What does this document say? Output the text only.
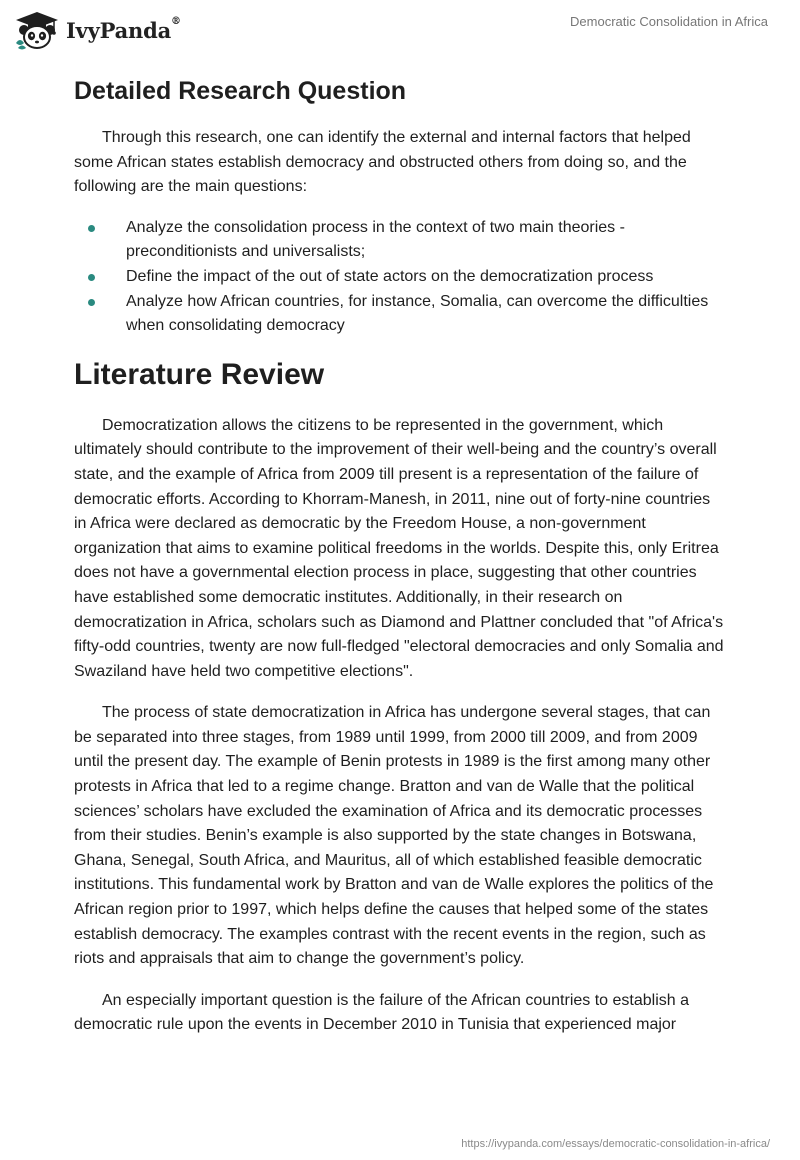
IvyPanda®	Democratic Consolidation in Africa
Detailed Research Question

Through this research, one can identify the external and internal factors that helped some African states establish democracy and obstructed others from doing so, and the following are the main questions:

Analyze the consolidation process in the context of two main theories - preconditionists and universalists;
Define the impact of the out of state actors on the democratization process
Analyze how African countries, for instance, Somalia, can overcome the difficulties when consolidating democracy
Literature Review

Democratization allows the citizens to be represented in the government, which ultimately should contribute to the improvement of their well-being and the country’s overall state, and the example of Africa from 2009 till present is a representation of the failure of democratic efforts. According to Khorram-Manesh, in 2011, nine out of forty-nine countries in Africa were declared as democratic by the Freedom House, a non-government organization that aims to examine political freedoms in the worlds. Despite this, only Eritrea does not have a governmental election process in place, suggesting that other countries have established some democratic institutes. Additionally, in their research on democratization in Africa, scholars such as Diamond and Plattner concluded that "of Africa's fifty-odd countries, twenty are now full-fledged "electoral democracies and only Somalia and Swaziland have held two competitive elections".

The process of state democratization in Africa has undergone several stages, that can be separated into three stages, from 1989 until 1999, from 2000 till 2009, and from 2009 until the present day. The example of Benin protests in 1989 is the first among many other protests in Africa that led to a regime change. Bratton and van de Walle that the political sciences’ scholars have excluded the examination of Africa and its democratic processes from their studies. Benin’s example is also supported by the state changes in Botswana, Ghana, Senegal, South Africa, and Mauritus, all of which established feasible democratic institutions. This fundamental work by Bratton and van de Walle explores the politics of the African region prior to 1997, which helps define the causes that helped some of the states establish democracy. The examples contrast with the recent events in the region, such as riots and appraisals that aim to change the government’s policy.

An especially important question is the failure of the African countries to establish a democratic rule upon the events in December 2010 in Tunisia that experienced major

https://ivypanda.com/essays/democratic-consolidation-in-africa/
